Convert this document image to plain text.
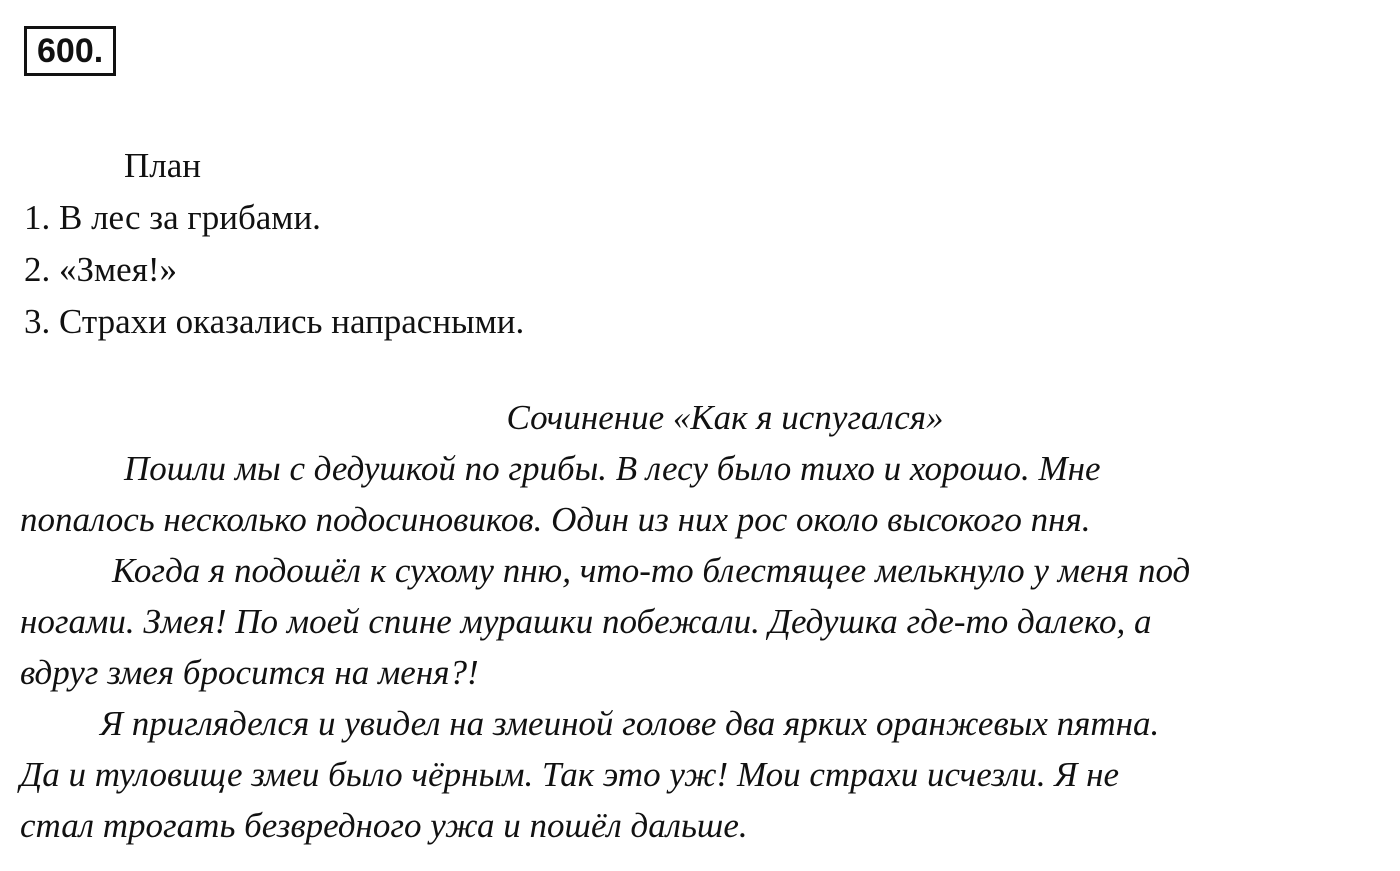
600.
План
1. В лес за грибами.
2. «Змея!»
3. Страхи оказались напрасными.
Сочинение «Как я испугался»
Пошли мы с дедушкой по грибы. В лесу было тихо и хорошо. Мне
попалось несколько подосиновиков. Один из них рос около высокого пня.
Когда я подошёл к сухому пню, что-то блестящее мелькнуло у меня под
ногами. Змея! По моей спине мурашки побежали. Дедушка где-то далеко, а
вдруг змея бросится на меня?!
Я пригляделся и увидел на змеиной голове два ярких оранжевых пятна.
Да и туловище змеи было чёрным. Так это уж! Мои страхи исчезли. Я не
стал трогать безвредного ужа и пошёл дальше.
